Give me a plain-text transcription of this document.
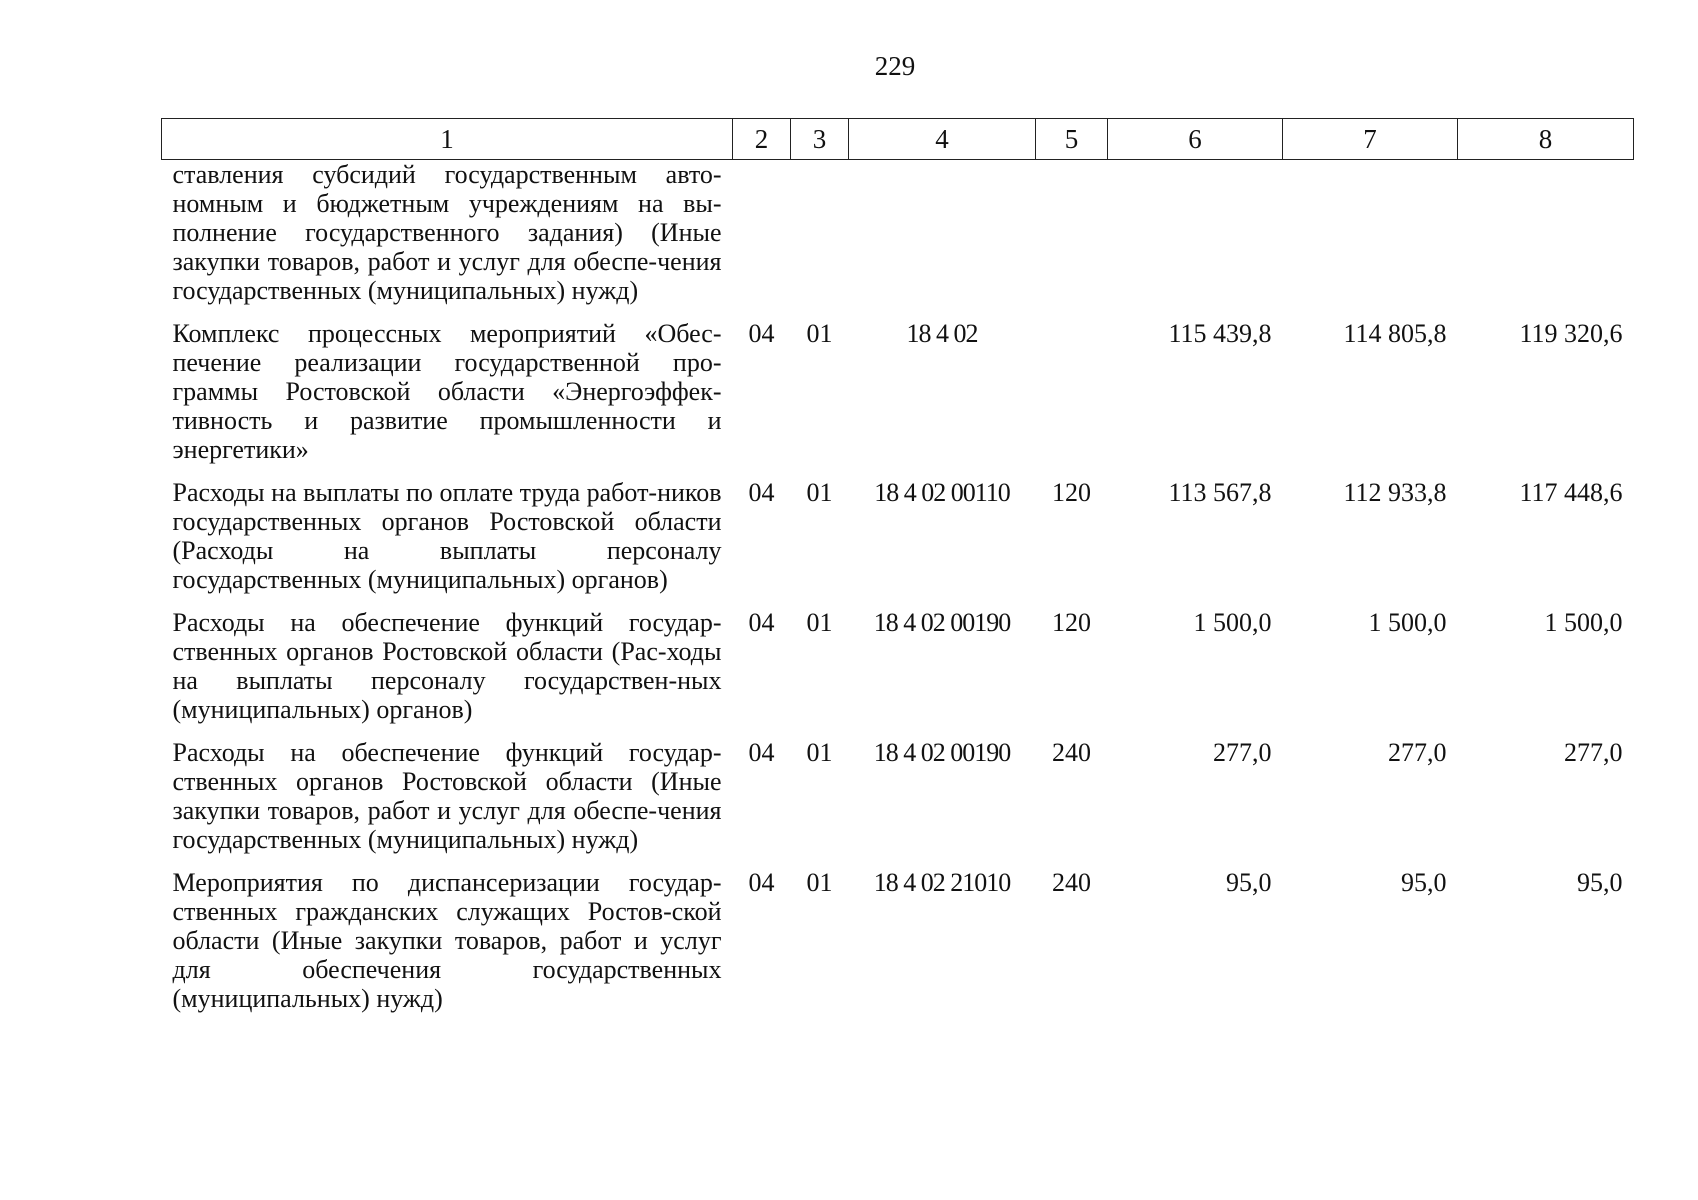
229
1	2	3	4	5	6	7	8
ставления субсидий государственным авто-номным и бюджетным учреждениям на вы-полнение государственного задания) (Иные закупки товаров, работ и услуг для обеспе-чения государственных (муниципальных) нужд)							
Комплекс процессных мероприятий «Обес-печение реализации государственной про-граммы Ростовской области «Энергоэффек-тивность и развитие промышленности и энергетики»	04	01	18 4 02		115 439,8	114 805,8	119 320,6
Расходы на выплаты по оплате труда работ-ников государственных органов Ростовской области (Расходы на выплаты персоналу государственных (муниципальных) органов)	04	01	18 4 02 00110	120	113 567,8	112 933,8	117 448,6
Расходы на обеспечение функций государ-ственных органов Ростовской области (Рас-ходы на выплаты персоналу государствен-ных (муниципальных) органов)	04	01	18 4 02 00190	120	1 500,0	1 500,0	1 500,0
Расходы на обеспечение функций государ-ственных органов Ростовской области (Иные закупки товаров, работ и услуг для обеспе-чения государственных (муниципальных) нужд)	04	01	18 4 02 00190	240	277,0	277,0	277,0
Мероприятия по диспансеризации государ-ственных гражданских служащих Ростов-ской области (Иные закупки товаров, работ и услуг для обеспечения государственных (муниципальных) нужд)	04	01	18 4 02 21010	240	95,0	95,0	95,0
